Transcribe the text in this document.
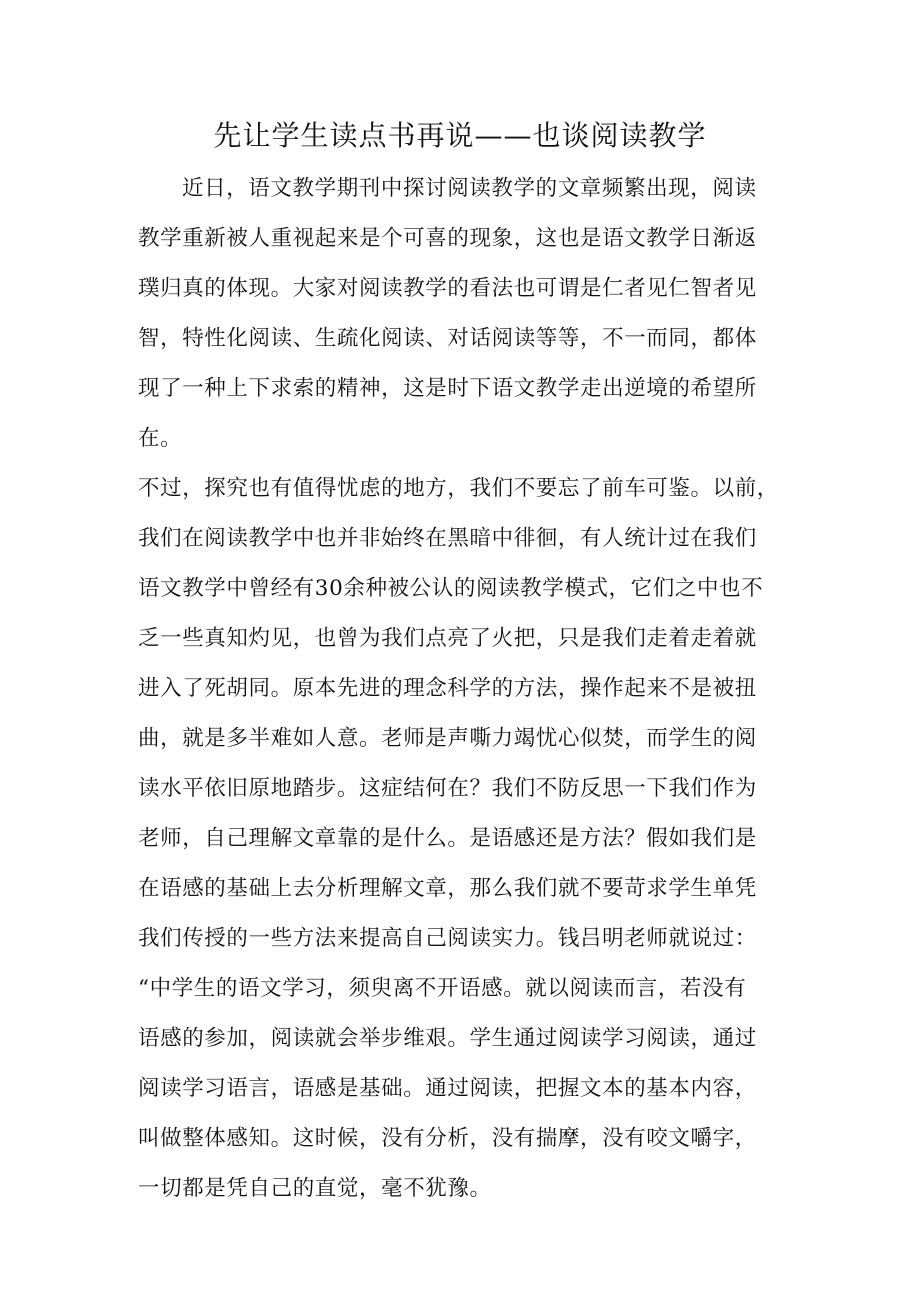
先让学生读点书再说——也谈阅读教学
近日，语文教学期刊中探讨阅读教学的文章频繁出现，阅读
教学重新被人重视起来是个可喜的现象，这也是语文教学日渐返
璞归真的体现。大家对阅读教学的看法也可谓是仁者见仁智者见
智，特性化阅读、生疏化阅读、对话阅读等等，不一而同，都体
现了一种上下求索的精神，这是时下语文教学走出逆境的希望所
在。
不过，探究也有值得忧虑的地方，我们不要忘了前车可鉴。以前，
我们在阅读教学中也并非始终在黑暗中徘徊，有人统计过在我们
语文教学中曾经有30余种被公认的阅读教学模式，它们之中也不
乏一些真知灼见，也曾为我们点亮了火把，只是我们走着走着就
进入了死胡同。原本先进的理念科学的方法，操作起来不是被扭
曲，就是多半难如人意。老师是声嘶力竭忧心似焚，而学生的阅
读水平依旧原地踏步。这症结何在？我们不防反思一下我们作为
老师，自己理解文章靠的是什么。是语感还是方法？假如我们是
在语感的基础上去分析理解文章，那么我们就不要苛求学生单凭
我们传授的一些方法来提高自己阅读实力。钱吕明老师就说过：
“中学生的语文学习，须臾离不开语感。就以阅读而言，若没有
语感的参加，阅读就会举步维艰。学生通过阅读学习阅读，通过
阅读学习语言，语感是基础。通过阅读，把握文本的基本内容，
叫做整体感知。这时候，没有分析，没有揣摩，没有咬文嚼字，
一切都是凭自己的直觉，毫不犹豫。
